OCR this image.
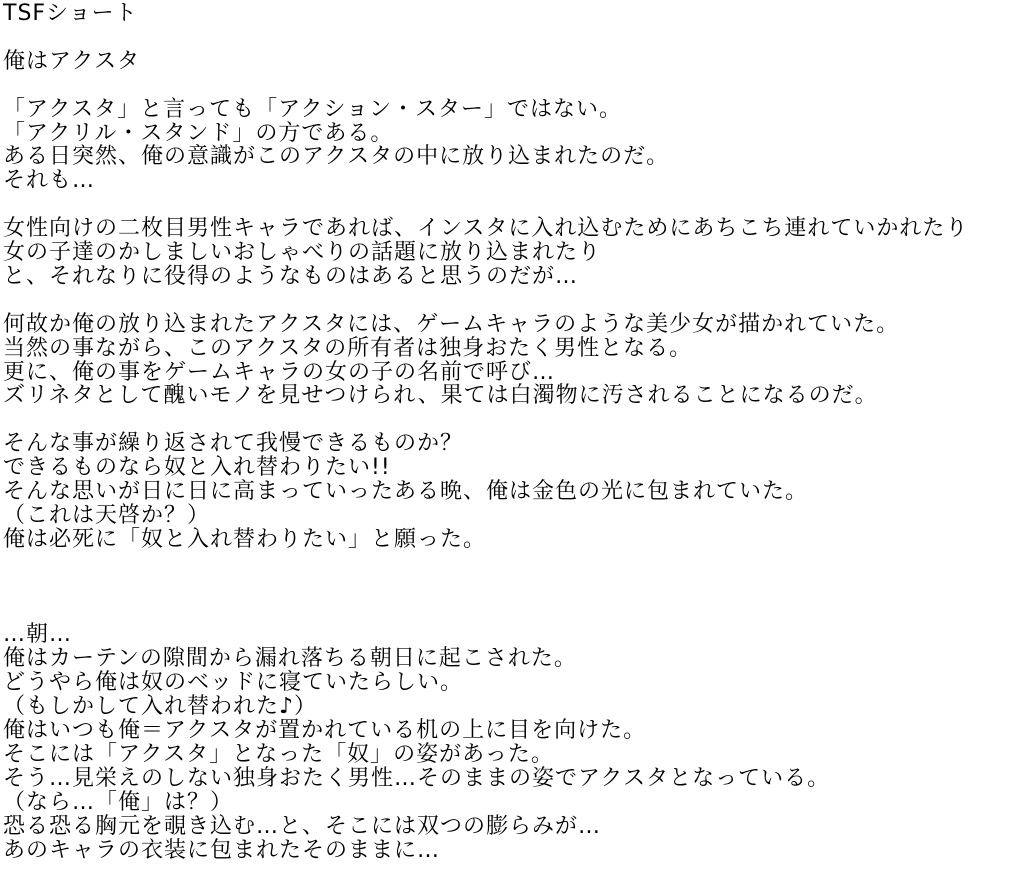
TSFショート
俺はアクスタ
「アクスタ」と言っても「アクション・スター」ではない。
「アクリル・スタンド」の方である。
ある日突然、俺の意識がこのアクスタの中に放り込まれたのだ。
それも…
女性向けの二枚目男性キャラであれば、インスタに入れ込むためにあちこち連れていかれたり
女の子達のかしましいおしゃべりの話題に放り込まれたり
と、それなりに役得のようなものはあると思うのだが…
何故か俺の放り込まれたアクスタには、ゲームキャラのような美少女が描かれていた。
当然の事ながら、このアクスタの所有者は独身おたく男性となる。
更に、俺の事をゲームキャラの女の子の名前で呼び…
ズリネタとして醜いモノを見せつけられ、果ては白濁物に汚されることになるのだ。
そんな事が繰り返されて我慢できるものか？
できるものなら奴と入れ替わりたい!!
そんな思いが日に日に高まっていったある晩、俺は金色の光に包まれていた。
（これは天啓か？）
俺は必死に「奴と入れ替わりたい」と願った。
…朝…
俺はカーテンの隙間から漏れ落ちる朝日に起こされた。
どうやら俺は奴のベッドに寝ていたらしい。
（もしかして入れ替われた♪）
俺はいつも俺＝アクスタが置かれている机の上に目を向けた。
そこには「アクスタ」となった「奴」の姿があった。
そう…見栄えのしない独身おたく男性…そのままの姿でアクスタとなっている。
（なら…「俺」は？）
恐る恐る胸元を覗き込む…と、そこには双つの膨らみが…
あのキャラの衣装に包まれたそのままに…
